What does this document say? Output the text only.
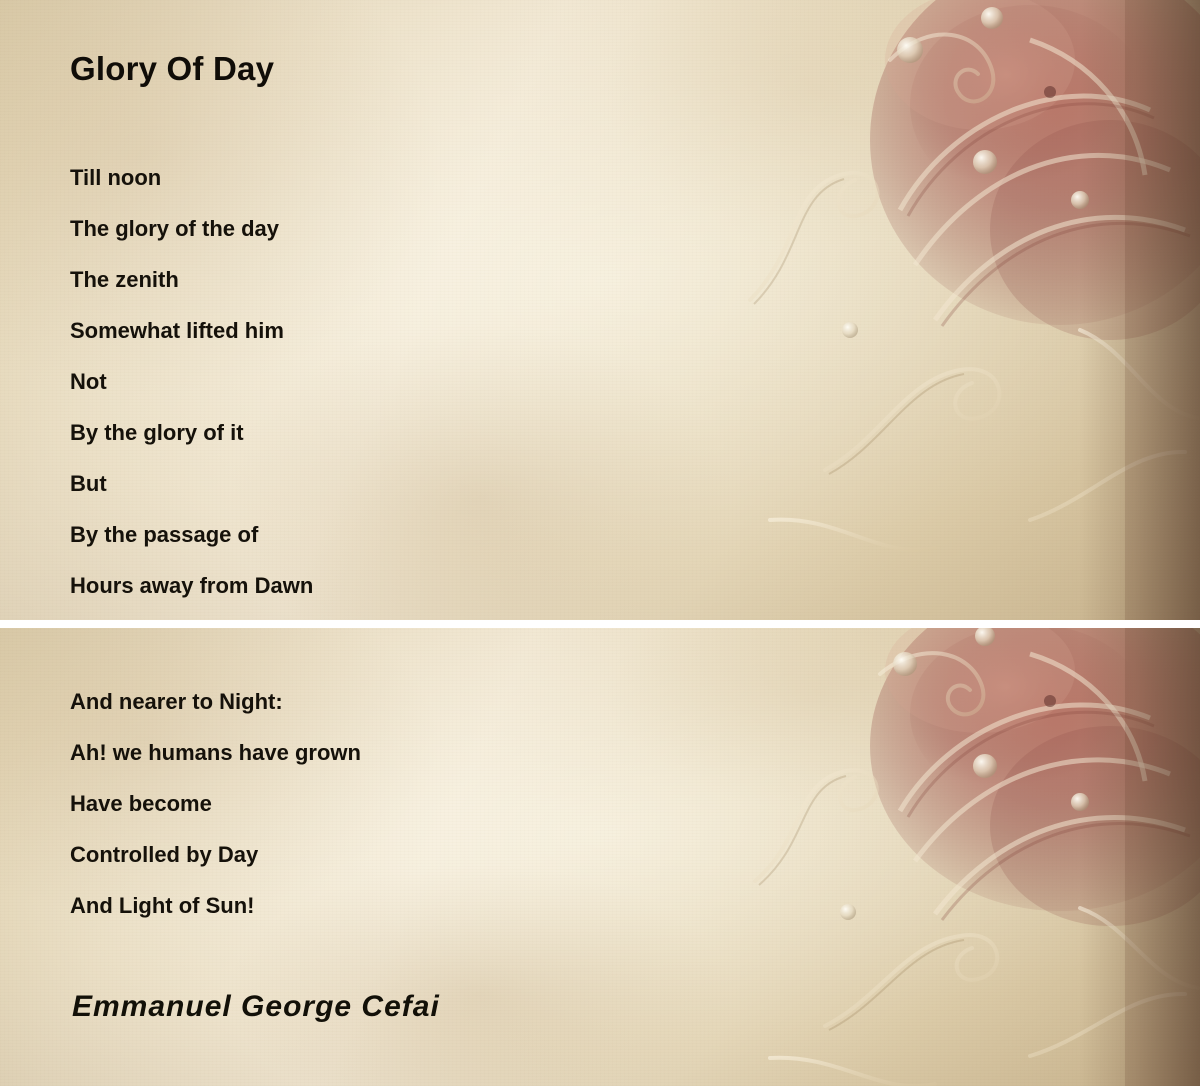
Glory Of Day
Till noon
The glory of the day
The zenith
Somewhat lifted him
Not
By the glory of it
But
By the passage of
Hours away from Dawn
And nearer to Night:
Ah! we humans have grown
Have become
Controlled by Day
And Light of Sun!
Emmanuel George Cefai
